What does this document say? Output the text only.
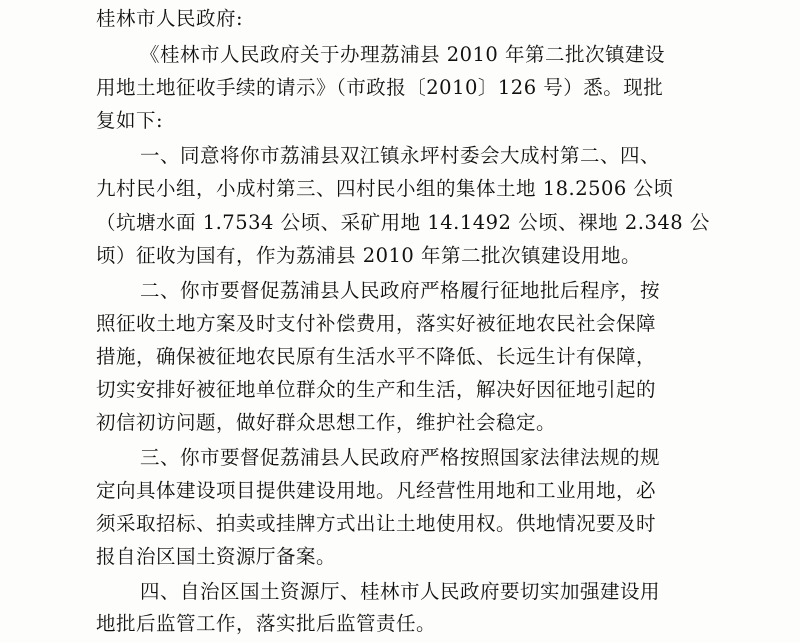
桂林市人民政府:
《桂林市人民政府关于办理荔浦县 2010 年第二批次镇建设
用地土地征收手续的请示》（市政报〔2010〕126 号）悉。现批
复如下:
一、同意将你市荔浦县双江镇永坪村委会大成村第二、四、
九村民小组，小成村第三、四村民小组的集体土地 18.2506 公顷
（坑塘水面 1.7534 公顷、采矿用地 14.1492 公顷、裸地 2.348 公
顷）征收为国有，作为荔浦县 2010 年第二批次镇建设用地。
二、你市要督促荔浦县人民政府严格履行征地批后程序，按
照征收土地方案及时支付补偿费用，落实好被征地农民社会保障
措施，确保被征地农民原有生活水平不降低、长远生计有保障，
切实安排好被征地单位群众的生产和生活，解决好因征地引起的
初信初访问题，做好群众思想工作，维护社会稳定。
三、你市要督促荔浦县人民政府严格按照国家法律法规的规
定向具体建设项目提供建设用地。凡经营性用地和工业用地，必
须采取招标、拍卖或挂牌方式出让土地使用权。供地情况要及时
报自治区国土资源厅备案。
四、自治区国土资源厅、桂林市人民政府要切实加强建设用
地批后监管工作，落实批后监管责任。
